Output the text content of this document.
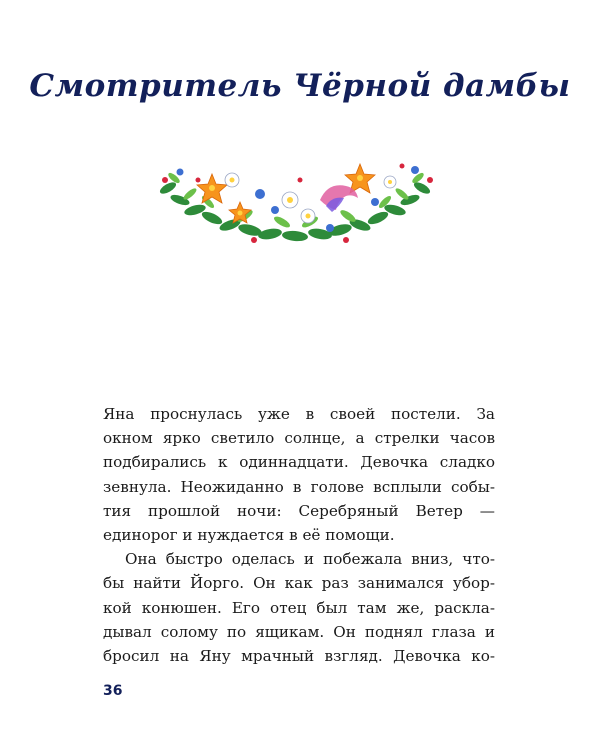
Смотритель Чёрной дамбы
Яна проснулась уже в своей постели. За
окном ярко светило солнце, а стрелки часов
подбирались к одиннадцати. Девочка сладко
зевнула. Неожиданно в голове всплыли собы-
тия прошлой ночи: Серебряный Ветер —
единорог и нуждается в её помощи.
Она быстро оделась и побежала вниз, что-
бы найти Йорго. Он как раз занимался убор-
кой конюшен. Его отец был там же, раскла-
дывал солому по ящикам. Он поднял глаза и
бросил на Яну мрачный взгляд. Девочка ко-
36
